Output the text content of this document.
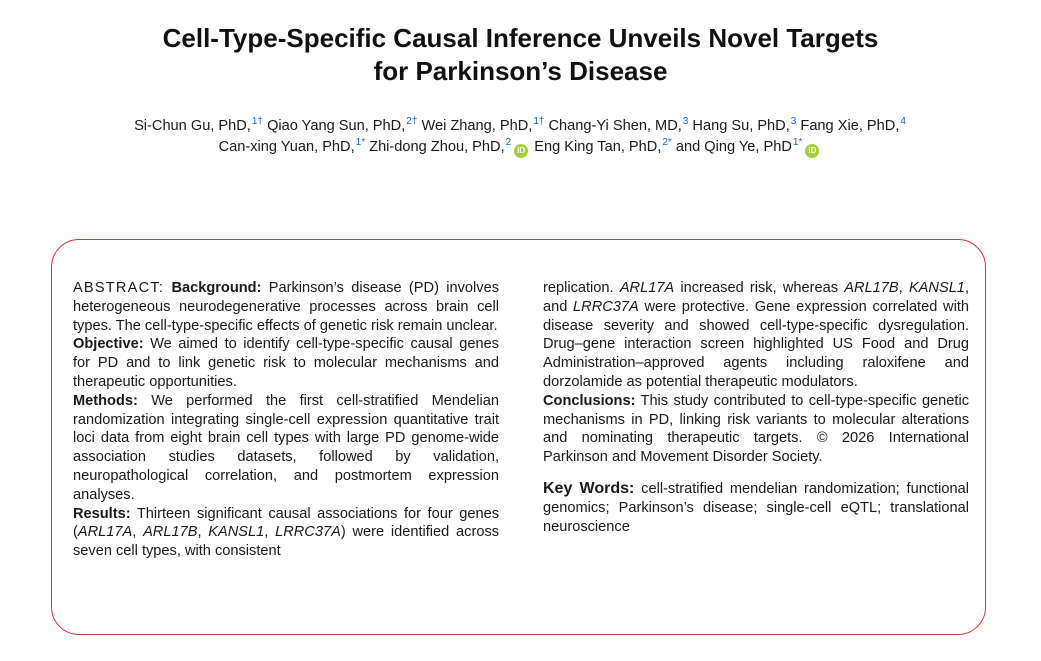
Cell-Type-Specific Causal Inference Unveils Novel Targets
for Parkinson’s Disease
Si-Chun Gu, PhD,$^{1\dagger}$ Qiao Yang Sun, PhD,$^{2\dagger}$ Wei Zhang, PhD,$^{1\dagger}$ Chang-Yi Shen, MD,$^3$ Hang Su, PhD,$^3$ Fang Xie, PhD,$^4$
Can-xing Yuan, PhD,$^{1*}$ Zhi-dong Zhou, PhD,$^2$iD Eng King Tan, PhD,$^{2*}$ and Qing Ye, PhD$^{1*}$iD

ABSTRACT: Background: Parkinson’s disease (PD) involves heterogeneous neurodegenerative processes across brain cell types. The cell-type-specific effects of genetic risk remain unclear.

Objective: We aimed to identify cell-type-specific causal genes for PD and to link genetic risk to molecular mechanisms and therapeutic opportunities.

Methods: We performed the first cell-stratified Mendelian randomization integrating single-cell expression quantitative trait loci data from eight brain cell types with large PD genome-wide association studies datasets, followed by validation, neuropathological correlation, and postmortem expression analyses.

Results: Thirteen significant causal associations for four genes (ARL17A, ARL17B, KANSL1, LRRC37A) were identified across seven cell types, with consistent

replication. ARL17A increased risk, whereas ARL17B, KANSL1, and LRRC37A were protective. Gene expression correlated with disease severity and showed cell-type-specific dysregulation. Drug–gene interaction screen highlighted US Food and Drug Administration–approved agents including raloxifene and dorzolamide as potential therapeutic modulators.

Conclusions: This study contributed to cell-type-specific genetic mechanisms in PD, linking risk variants to molecular alterations and nominating therapeutic targets. © 2026 International Parkinson and Movement Disorder Society.

Key Words: cell-stratified mendelian randomization; functional genomics; Parkinson’s disease; single-cell eQTL; translational neuroscience
